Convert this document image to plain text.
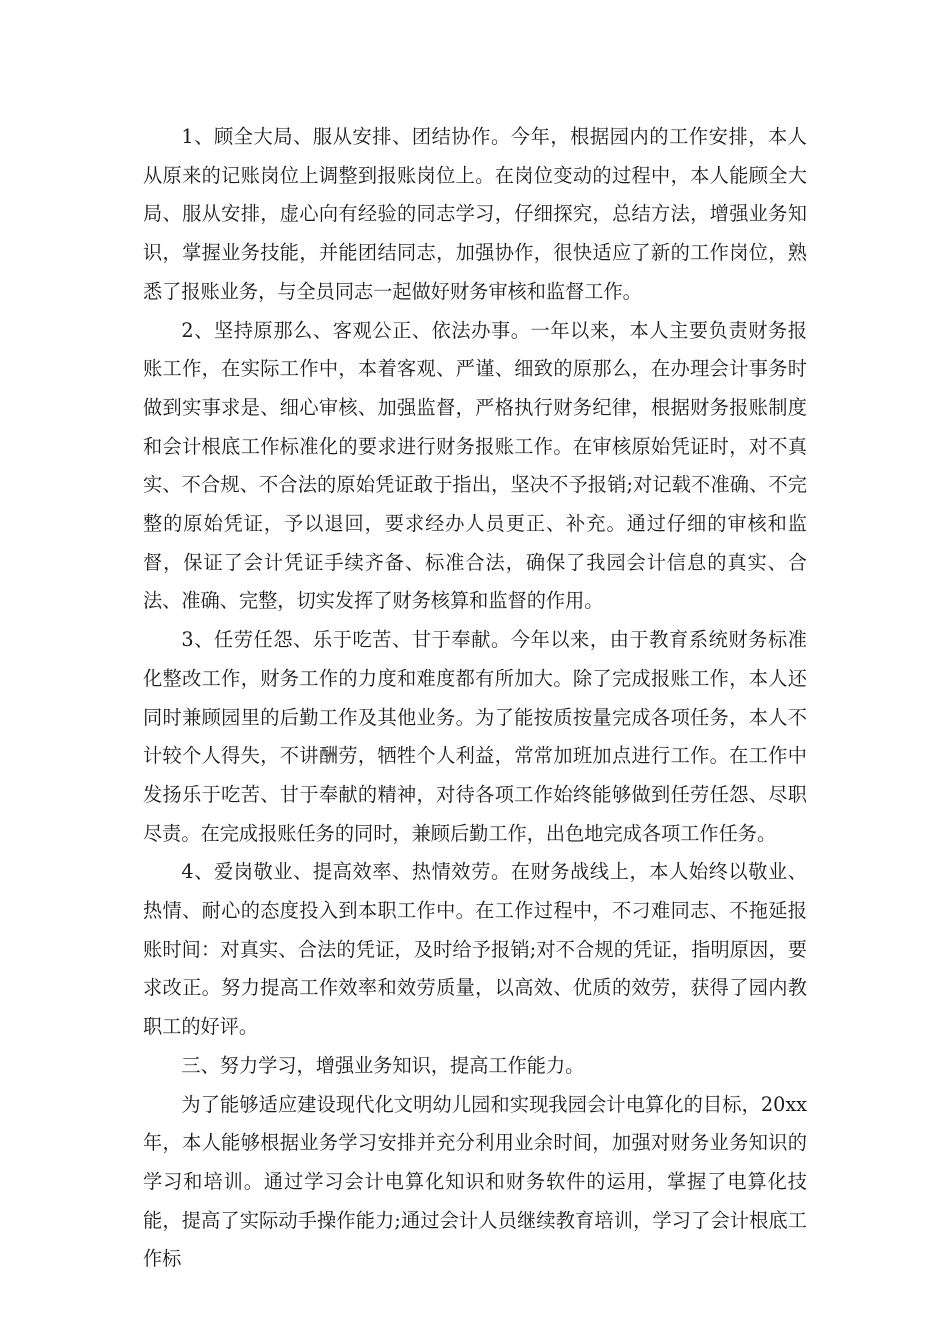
1、顾全大局、服从安排、团结协作。今年，根据园内的工作安排，本人从原来的记账岗位上调整到报账岗位上。在岗位变动的过程中，本人能顾全大局、服从安排，虚心向有经验的同志学习，仔细探究，总结方法，增强业务知识，掌握业务技能，并能团结同志，加强协作，很快适应了新的工作岗位，熟悉了报账业务，与全员同志一起做好财务审核和监督工作。

2、坚持原那么、客观公正、依法办事。一年以来，本人主要负责财务报账工作，在实际工作中，本着客观、严谨、细致的原那么，在办理会计事务时做到实事求是、细心审核、加强监督，严格执行财务纪律，根据财务报账制度和会计根底工作标准化的要求进行财务报账工作。在审核原始凭证时，对不真实、不合规、不合法的原始凭证敢于指出，坚决不予报销;对记载不准确、不完整的原始凭证，予以退回，要求经办人员更正、补充。通过仔细的审核和监督，保证了会计凭证手续齐备、标准合法，确保了我园会计信息的真实、合法、准确、完整，切实发挥了财务核算和监督的作用。

3、任劳任怨、乐于吃苦、甘于奉献。今年以来，由于教育系统财务标准化整改工作，财务工作的力度和难度都有所加大。除了完成报账工作，本人还同时兼顾园里的后勤工作及其他业务。为了能按质按量完成各项任务，本人不计较个人得失，不讲酬劳，牺牲个人利益，常常加班加点进行工作。在工作中发扬乐于吃苦、甘于奉献的精神，对待各项工作始终能够做到任劳任怨、尽职尽责。在完成报账任务的同时，兼顾后勤工作，出色地完成各项工作任务。

4、爱岗敬业、提高效率、热情效劳。在财务战线上，本人始终以敬业、热情、耐心的态度投入到本职工作中。在工作过程中，不刁难同志、不拖延报账时间：对真实、合法的凭证，及时给予报销;对不合规的凭证，指明原因，要求改正。努力提高工作效率和效劳质量，以高效、优质的效劳，获得了园内教职工的好评。

三、努力学习，增强业务知识，提高工作能力。

为了能够适应建设现代化文明幼儿园和实现我园会计电算化的目标，20xx年，本人能够根据业务学习安排并充分利用业余时间，加强对财务业务知识的学习和培训。通过学习会计电算化知识和财务软件的运用，掌握了电算化技能，提高了实际动手操作能力;通过会计人员继续教育培训，学习了会计根底工作标
